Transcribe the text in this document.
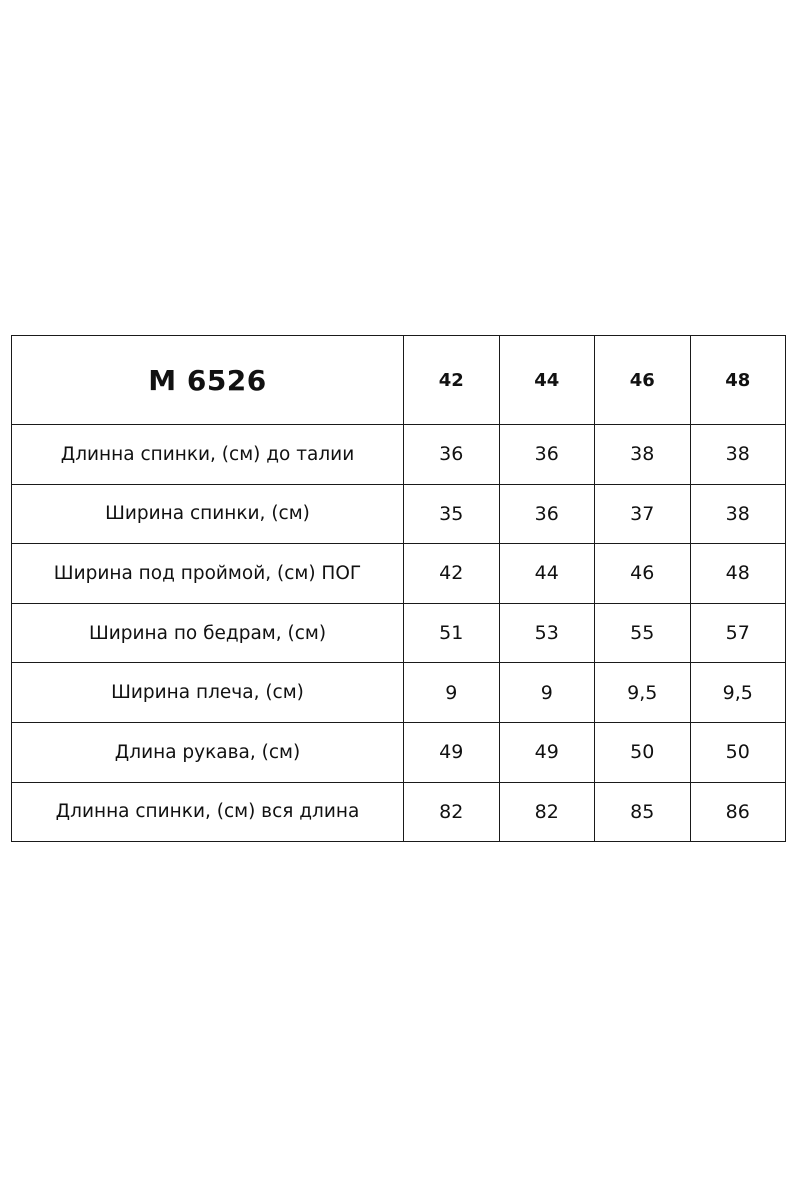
М 6526	42	44	46	48
Длинна спинки, (см) до талии	36	36	38	38
Ширина спинки, (см)	35	36	37	38
Ширина под проймой, (см) ПОГ	42	44	46	48
Ширина по бедрам, (см)	51	53	55	57
Ширина плеча, (см)	9	9	9,5	9,5
Длина рукава, (см)	49	49	50	50
Длинна спинки, (см) вся длина	82	82	85	86
